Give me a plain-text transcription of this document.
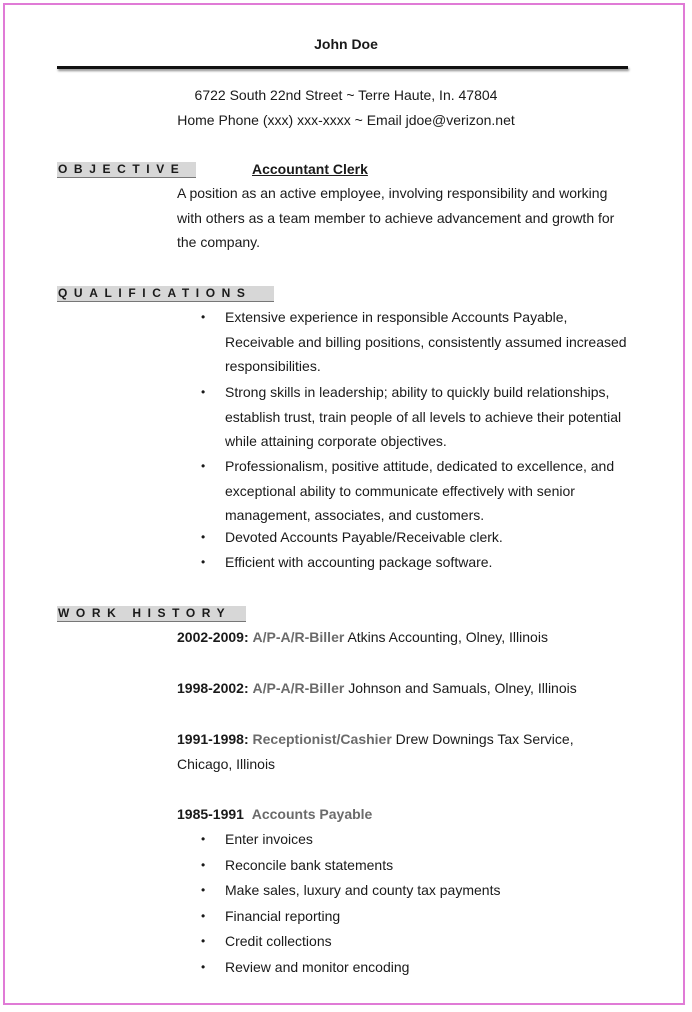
John Doe
6722 South 22nd Street ~ Terre Haute, In. 47804
Home Phone (xxx) xxx-xxxx ~ Email jdoe@verizon.net
OBJECTIVE	Accountant Clerk
A position as an active employee, involving responsibility and working
with others as a team member to achieve advancement and growth for
the company.
QUALIFICATIONS
• Extensive experience in responsible Accounts Payable,
Receivable and billing positions, consistently assumed increased
responsibilities.
• Strong skills in leadership; ability to quickly build relationships,
establish trust, train people of all levels to achieve their potential
while attaining corporate objectives.
• Professionalism, positive attitude, dedicated to excellence, and
exceptional ability to communicate effectively with senior
management, associates, and customers.
• Devoted Accounts Payable/Receivable clerk.
• Efficient with accounting package software.
WORK HISTORY
2002-2009: A/P-A/R-Biller Atkins Accounting, Olney, Illinois
1998-2002: A/P-A/R-Biller Johnson and Samuals, Olney, Illinois
1991-1998: Receptionist/Cashier Drew Downings Tax Service,
Chicago, Illinois
1985-1991 Accounts Payable
• Enter invoices
• Reconcile bank statements
• Make sales, luxury and county tax payments
• Financial reporting
• Credit collections
• Review and monitor encoding
